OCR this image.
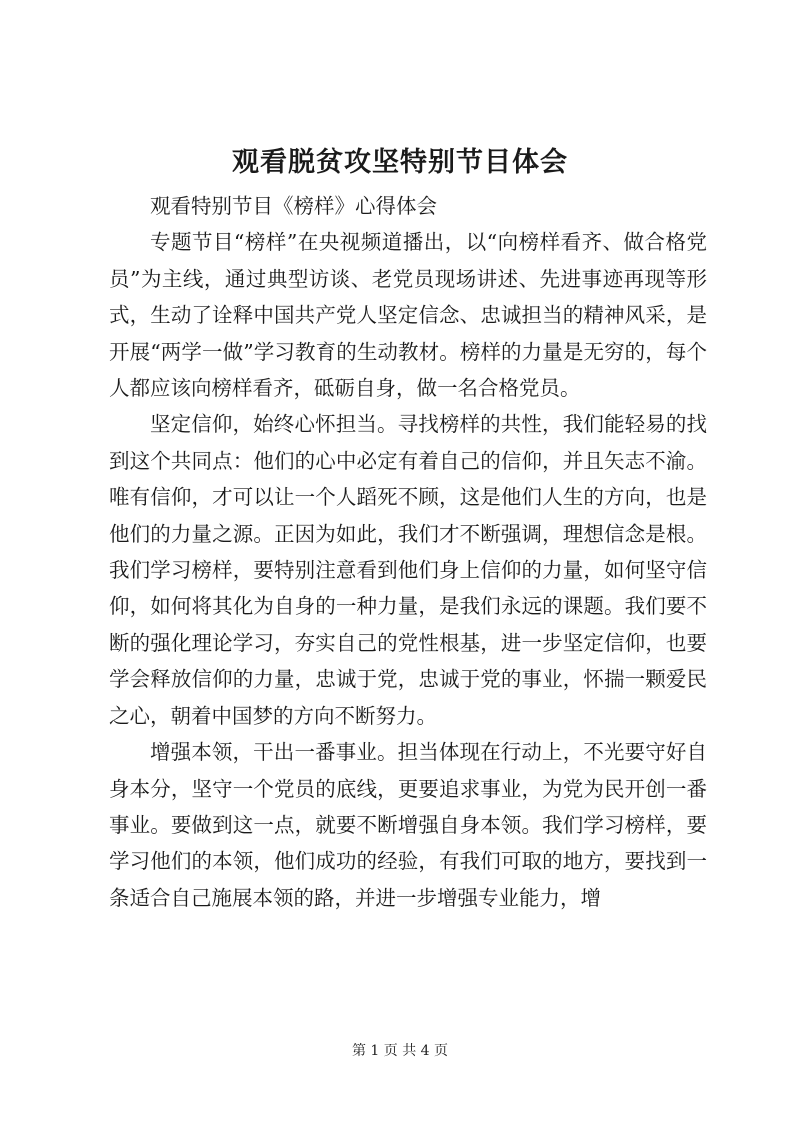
观看脱贫攻坚特别节目体会

观看特别节目《榜样》心得体会

专题节目“榜样”在央视频道播出，以“向榜样看齐、做合格党员”为主线，通过典型访谈、老党员现场讲述、先进事迹再现等形式，生动了诠释中国共产党人坚定信念、忠诚担当的精神风采，是开展“两学一做”学习教育的生动教材。榜样的力量是无穷的，每个人都应该向榜样看齐，砥砺自身，做一名合格党员。

坚定信仰，始终心怀担当。寻找榜样的共性，我们能轻易的找到这个共同点：他们的心中必定有着自己的信仰，并且矢志不渝。唯有信仰，才可以让一个人蹈死不顾，这是他们人生的方向，也是他们的力量之源。正因为如此，我们才不断强调，理想信念是根。我们学习榜样，要特别注意看到他们身上信仰的力量，如何坚守信仰，如何将其化为自身的一种力量，是我们永远的课题。我们要不断的强化理论学习，夯实自己的党性根基，进一步坚定信仰，也要学会释放信仰的力量，忠诚于党，忠诚于党的事业，怀揣一颗爱民之心，朝着中国梦的方向不断努力。

增强本领，干出一番事业。担当体现在行动上，不光要守好自身本分，坚守一个党员的底线，更要追求事业，为党为民开创一番事业。要做到这一点，就要不断增强自身本领。我们学习榜样，要学习他们的本领，他们成功的经验，有我们可取的地方，要找到一条适合自己施展本领的路，并进一步增强专业能力，增

第 1 页 共 4 页
